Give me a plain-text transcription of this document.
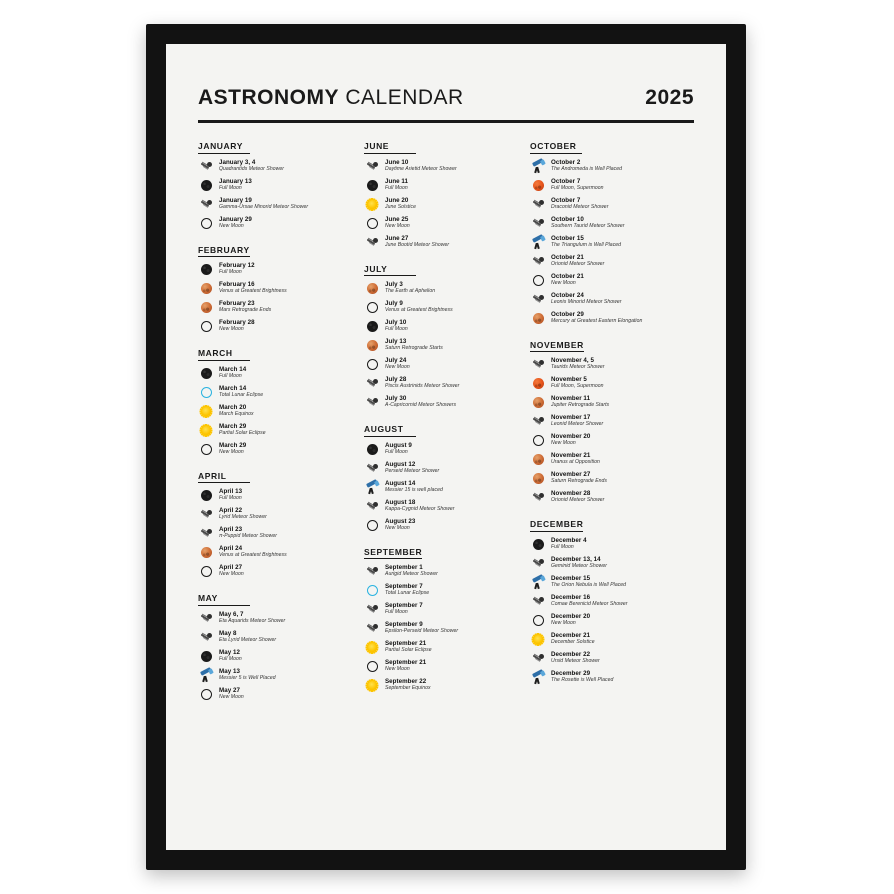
ASTRONOMY CALENDAR	2025
JANUARY
January 3, 4
Quadrantids Meteor Shower
January 13
Full Moon
January 19
Gamma-Ursae Minorid Meteor Shower
January 29
New Moon
FEBRUARY
February 12
Full Moon
February 16
Venus at Greatest Brightness
February 23
Mars Retrograde Ends
February 28
New Moon
MARCH
March 14
Full Moon
March 14
Total Lunar Eclipse
March 20
March Equinox
March 29
Partial Solar Eclipse
March 29
New Moon
APRIL
April 13
Full Moon
April 22
Lyrid Meteor Shower
April 23
π-Puppid Meteor Shower
April 24
Venus at Greatest Brightness
April 27
New Moon
MAY
May 6, 7
Eta Aquarids Meteor Shower
May 8
Eta Lyrid Meteor Shower
May 12
Full Moon
May 13
Messier 5 is Well Placed
May 27
New Moon
JUNE
June 10
Daytime Arietid Meteor Shower
June 11
Full Moon
June 20
June Solstice
June 25
New Moon
June 27
June Bootid Meteor Shower
JULY
July 3
The Earth at Aphelion
July 9
Venus at Greatest Brightness
July 10
Full Moon
July 13
Saturn Retrograde Starts
July 24
New Moon
July 28
Piscis Austrinids Meteor Shower
July 30
A-Capricornid Meteor Showers
AUGUST
August 9
Full Moon
August 12
Perseid Meteor Shower
August 14
Messier 15 is well placed
August 18
Kappa-Cygnid Meteor Shower
August 23
New Moon
SEPTEMBER
September 1
Aurigid Meteor Shower
September 7
Total Lunar Eclipse
September 7
Full Moon
September 9
Epsilon-Perseid Meteor Shower
September 21
Partial Solar Eclipse
September 21
New Moon
September 22
September Equinox
OCTOBER
October 2
The Andromeda is Well Placed
October 7
Full Moon, Supermoon
October 7
Draconid Meteor Shower
October 10
Southern Taurid Meteor Shower
October 15
The Triangulum is Well Placed
October 21
Orionid Meteor Shower
October 21
New Moon
October 24
Leonis Minorid Meteor Shower
October 29
Mercury at Greatest Eastern Elongation
NOVEMBER
November 4, 5
Taurids Meteor Shower
November 5
Full Moon, Supermoon
November 11
Jupiter Retrograde Starts
November 17
Leonid Meteor Shower
November 20
New Moon
November 21
Uranus at Opposition
November 27
Saturn Retrograde Ends
November 28
Orionid Meteor Shower
DECEMBER
December 4
Full Moon
December 13, 14
Geminid Meteor Shower
December 15
The Orion Nebula is Well Placed
December 16
Comae Berenicid Meteor Shower
December 20
New Moon
December 21
December Solstice
December 22
Ursid Meteor Shower
December 29
The Rosette is Well Placed
